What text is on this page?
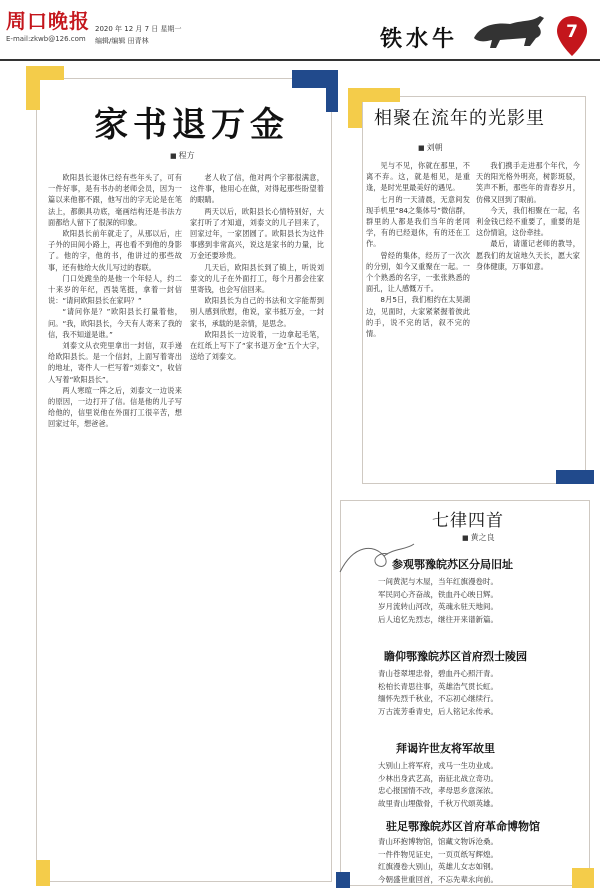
周口晚报
E-mail:zkwb@126.com
2020 年 12 月 7 日 星期一
编辑/编辑 田青林	铁水牛	7
家书退万金
■ 程方

欧阳县长退休已经有些年头了，可有一件好事，是有书办的老师会员，因为一篇以来他都不跟，他写出的字无论是在笔法上，都颇具功底，毫画结构还是书法方面都给人留下了很深的印象。

欧阳县长前年就走了，从那以后，庄子外的田间小路上，再也看不到他的身影了。他的字，他的书，他讲过的那些故事，还有他给大伙儿写过的春联。

门口处跪坐的是他一个年轻人，约二十来岁的年纪，西装笔挺，拿着一封信说：“请问欧阳县长在家吗？”

“请问你是？”欧阳县长打量着他，问。“我，欧阳县长，今天有人寄来了我的信，我不知道是谁。”

刘泰文从衣兜里拿出一封信，双手递给欧阳县长。是一个信封，上面写着寄出的地址，寄件人一栏写着“刘泰文”，收信人写着“欧阳县长”。

两人寒暄一阵之后，刘泰文一边说来的原因，一边打开了信。信是他的儿子写给他的，信里说他在外面打工很辛苦，想回家过年，想爸爸。

老人收了信，他对两个字都很满意，这件事，他用心在做，对得起那些盼望着的眼睛。

两天以后，欧阳县长心情特别好，大家打听了才知道，刘泰文的儿子回来了，回家过年，一家团圆了。欧阳县长为这件事感到非常高兴，说这是家书的力量，比万金还要珍贵。

几天后，欧阳县长到了镇上，听说刘泰文的儿子在外面打工，每个月都会往家里寄钱，也会写信回来。

欧阳县长为自己的书法和文字能帮到别人感到欣慰，他说，家书抵万金，一封家书，承载的是亲情，是思念。

欧阳县长一边说着，一边拿起毛笔，在红纸上写下了“家书退万金”五个大字，送给了刘泰文。

相聚在流年的光影里
■ 刘朝

见与不见，你就在那里，不离不弃。这，就是相见，是重逢，是时光里最美好的遇见。

七月的一天清晨，无意间发现手机里“84之集体号”微信群，群里的人都是我们当年的老同学，有的已经退休，有的还在工作。

曾经的集体，经历了一次次的分别，如今又重聚在一起。一个个熟悉的名字，一张张熟悉的面孔，让人感慨万千。

8月5日，我们相约在太昊湖边，见面时，大家紧紧握着彼此的手，说不完的话，叙不完的情。

我们携手走进那个年代，今天的阳光格外明亮，树影斑驳，笑声不断，那些年的青春岁月，仿佛又回到了眼前。

今天，我们相聚在一起，名利金钱已经不重要了，重要的是这份情谊，这份牵挂。

最后，请谨记老师的教导，愿我们的友谊地久天长，愿大家身体健康，万事如意。

七律四首
■ 黄之良
参观鄂豫皖苏区分局旧址
一间黄泥与木屋，当年红旗漫卷时。
军民同心齐奋战，铁血丹心映日辉。
岁月流转山河改，英魂永驻天地间。
后人追忆先烈志，继往开来谱新篇。
瞻仰鄂豫皖苏区首府烈士陵园
青山苍翠埋忠骨，碧血丹心照汗青。
松柏长青思往事，英雄浩气贯长虹。
缅怀先烈千秋业，不忘初心继续行。
万古流芳垂青史，后人铭记永传承。
拜谒许世友将军故里
大别山上将军府，戎马一生功业成。
少林出身武艺高，南征北战立奇功。
忠心报国情不改，孝母思乡意深浓。
故里青山埋傲骨，千秋万代颂英雄。
驻足鄂豫皖苏区首府革命博物馆
青山环抱博物馆，馆藏文物诉沧桑。
一件件物见证史，一页页纸写辉煌。
红旗漫卷大别山，英雄儿女志如钢。
今朝盛世重回首，不忘先辈永向前。
